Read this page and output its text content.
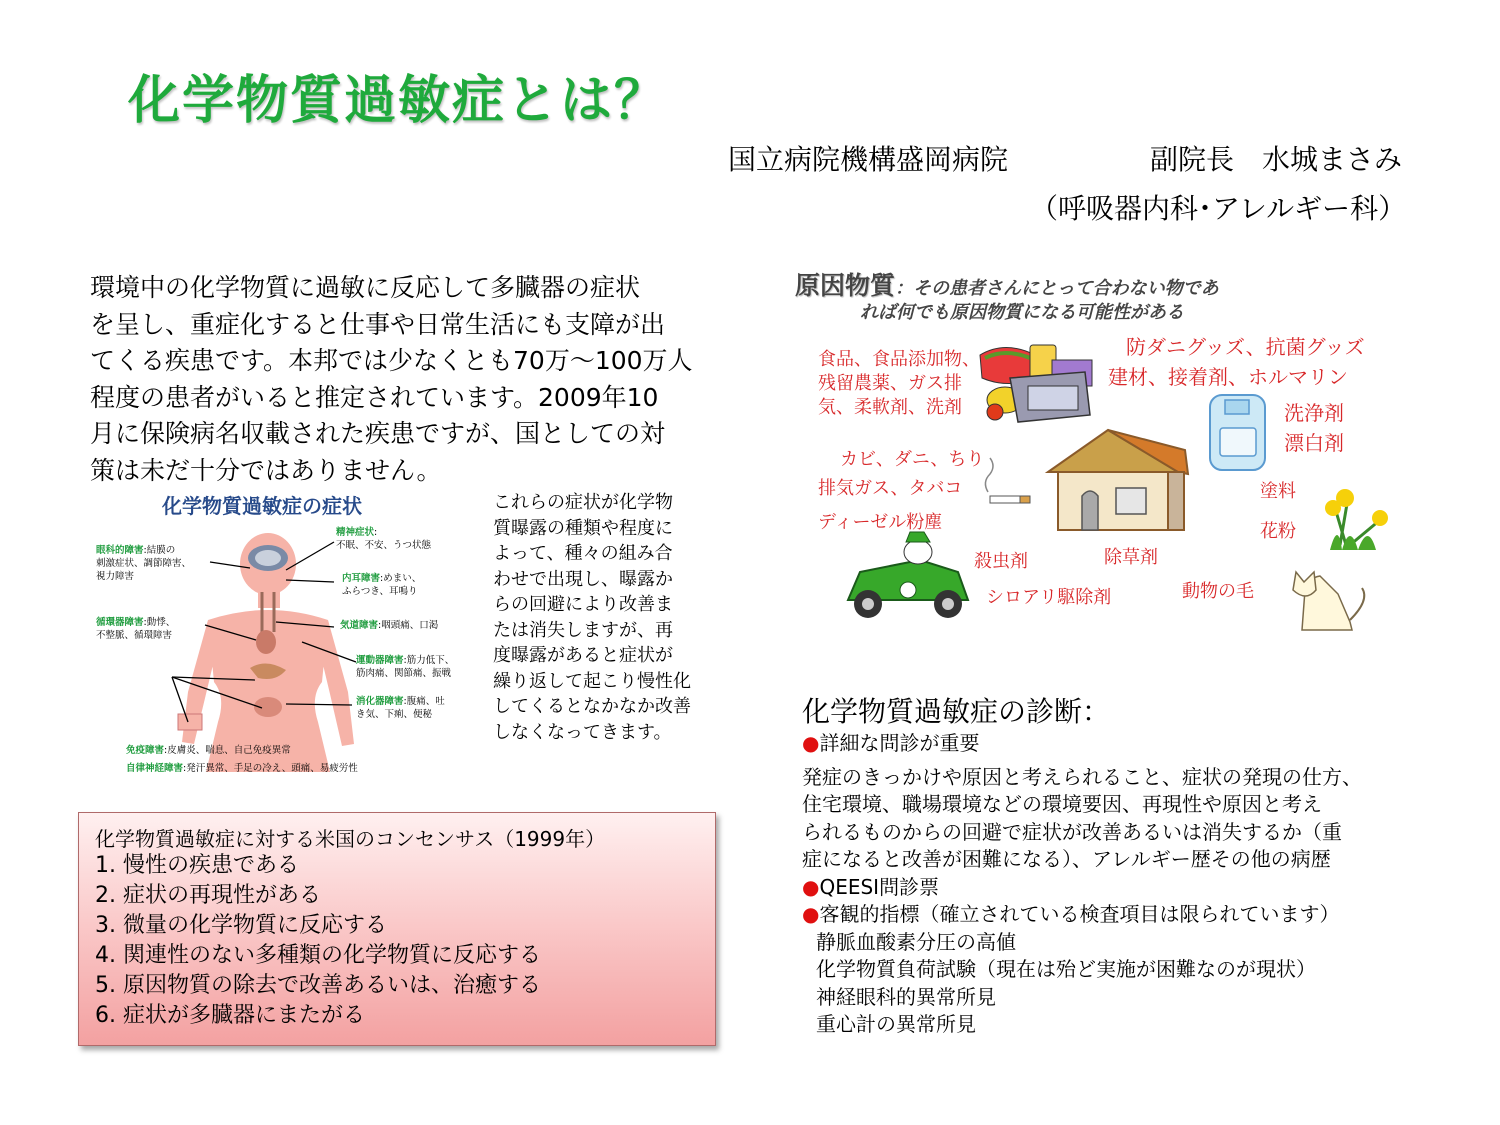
化学物質過敏症とは？
国立病院機構盛岡病院	副院長　水城まさみ
（呼吸器内科･アレルギー科）
環境中の化学物質に過敏に反応して多臓器の症状
を呈し、重症化すると仕事や日常生活にも支障が出
てくる疾患です。本邦では少なくとも70万～100万人
程度の患者がいると推定されています。2009年10
月に保険病名収載された疾患ですが、国としての対
策は未だ十分ではありません。
化学物質過敏症の症状
眼科的障害:結膜の
刺激症状、調節障害、
視力障害
精神症状:
不眠、不安、うつ状態
内耳障害:めまい、
ふらつき、耳鳴り
循環器障害:動悸、
不整脈、循環障害
気道障害:咽頭痛、口渇
運動器障害:筋力低下、
筋肉痛、関節痛、振戦
消化器障害:腹痛、吐
き気、下痢、便秘
免疫障害:皮膚炎、喘息、自己免疫異常
自律神経障害:発汗異常、手足の冷え、頭痛、易疲労性
これらの症状が化学物
質曝露の種類や程度に
よって、種々の組み合
わせで出現し、曝露か
らの回避により改善ま
たは消失しますが、再
度曝露があると症状が
繰り返して起こり慢性化
してくるとなかなか改善
しなくなってきます。
化学物質過敏症に対する米国のコンセンサス（1999年）
1. 慢性の疾患である
2. 症状の再現性がある
3. 微量の化学物質に反応する
4. 関連性のない多種類の化学物質に反応する
5. 原因物質の除去で改善あるいは、治癒する
6. 症状が多臓器にまたがる
原因物質：その患者さんにとって合わない物であ
れば何でも原因物質になる可能性がある
食品、食品添加物、
残留農薬、ガス排
気、柔軟剤、洗剤
防ダニグッズ、抗菌グッズ
建材、接着剤、ホルマリン
洗浄剤
漂白剤
カビ、ダニ、ちり
排気ガス、タバコ
ディーゼル粉塵
塗料
花粉
殺虫剤	除草剤
シロアリ駆除剤	動物の毛
化学物質過敏症の診断：
●詳細な問診が重要
発症のきっかけや原因と考えられること、症状の発現の仕方、
住宅環境、職場環境などの環境要因、再現性や原因と考え
られるものからの回避で症状が改善あるいは消失するか（重
症になると改善が困難になる）、アレルギー歴その他の病歴
●QEESI問診票
●客観的指標（確立されている検査項目は限られています）
静脈血酸素分圧の高値
化学物質負荷試験（現在は殆ど実施が困難なのが現状）
神経眼科的異常所見
重心計の異常所見
